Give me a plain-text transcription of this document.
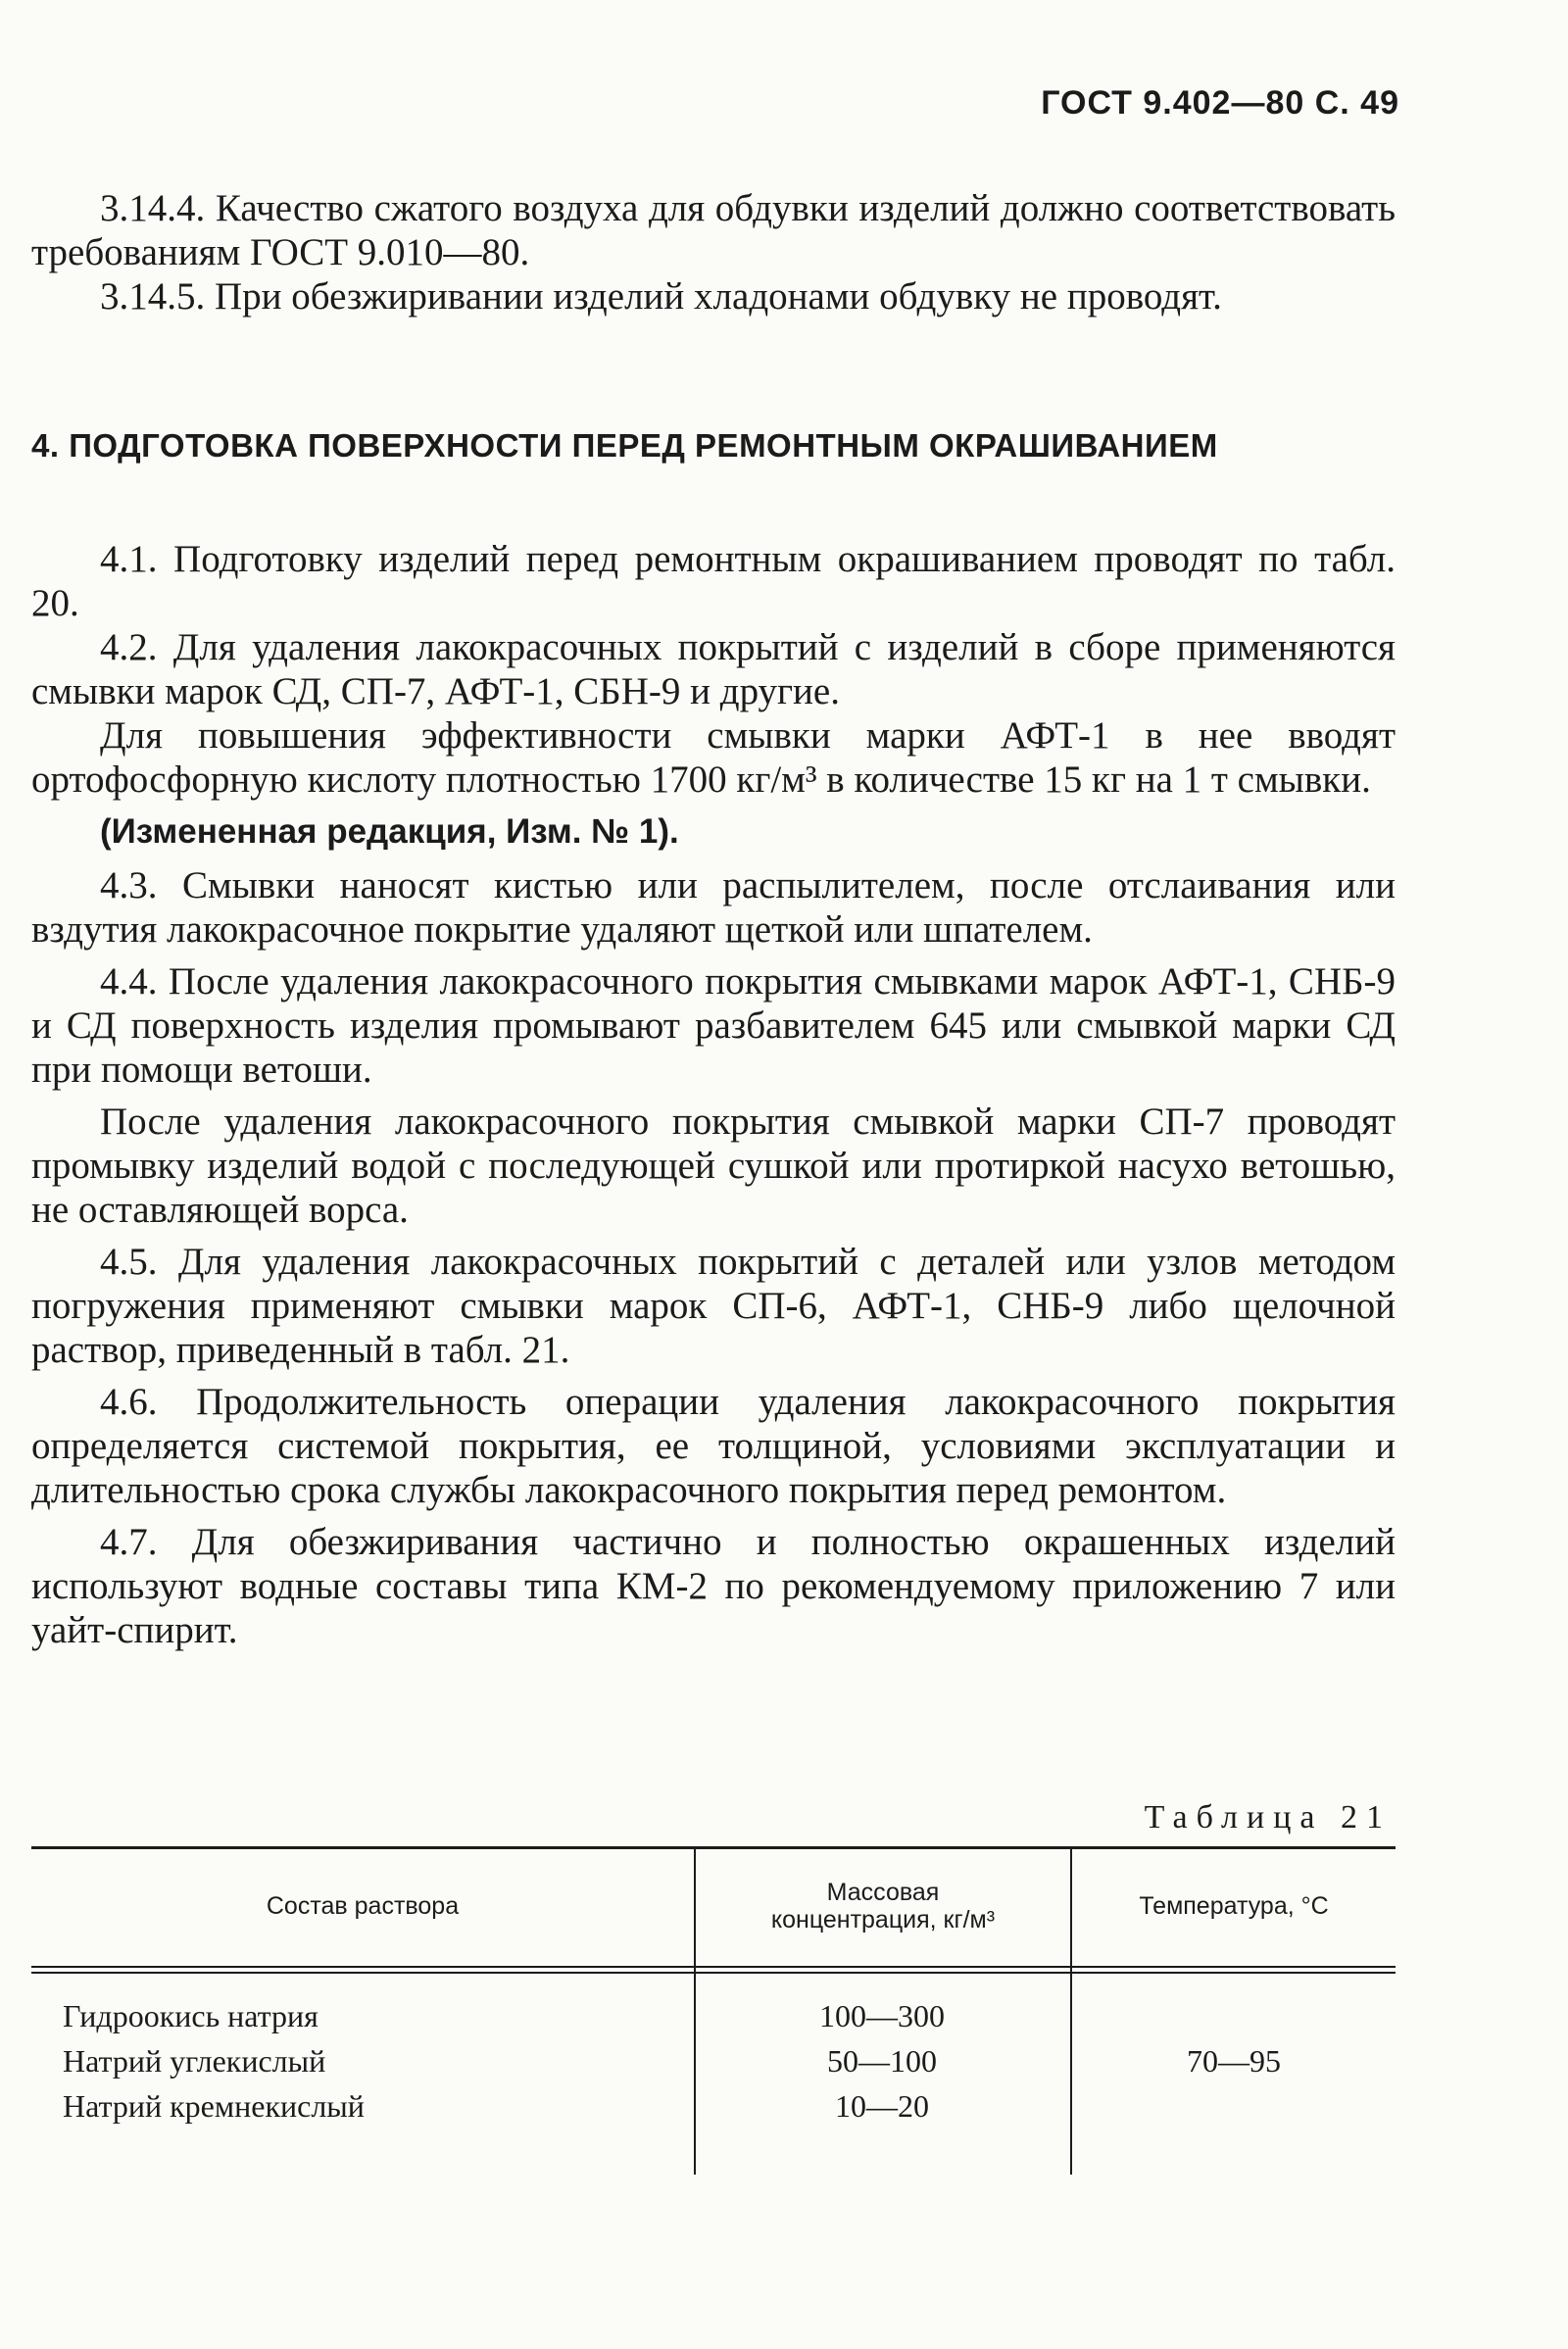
ГОСТ 9.402—80 С. 49

3.14.4. Качество сжатого воздуха для обдувки изделий должно соответствовать требованиям ГОСТ 9.010—80.

3.14.5. При обезжиривании изделий хладонами обдувку не проводят.

4. ПОДГОТОВКА ПОВЕРХНОСТИ ПЕРЕД РЕМОНТНЫМ ОКРАШИВАНИЕМ

4.1. Подготовку изделий перед ремонтным окрашиванием проводят по табл. 20.

4.2. Для удаления лакокрасочных покрытий с изделий в сборе применяются смывки марок СД, СП-7, АФТ-1, СБН-9 и другие.

Для повышения эффективности смывки марки АФТ-1 в нее вводят ортофосфорную кислоту плотностью 1700 кг/м³ в количестве 15 кг на 1 т смывки.

(Измененная редакция, Изм. № 1).

4.3. Смывки наносят кистью или распылителем, после отслаивания или вздутия лакокрасочное покрытие удаляют щеткой или шпателем.

4.4. После удаления лакокрасочного покрытия смывками марок АФТ-1, СНБ-9 и СД поверхность изделия промывают разбавителем 645 или смывкой марки СД при помощи ветоши.

После удаления лакокрасочного покрытия смывкой марки СП-7 проводят промывку изделий водой с последующей сушкой или протиркой насухо ветошью, не оставляющей ворса.

4.5. Для удаления лакокрасочных покрытий с деталей или узлов методом погружения применяют смывки марок СП-6, АФТ-1, СНБ-9 либо щелочной раствор, приведенный в табл. 21.

4.6. Продолжительность операции удаления лакокрасочного покрытия определяется системой покрытия, ее толщиной, условиями эксплуатации и длительностью срока службы лакокрасочного покрытия перед ремонтом.

4.7. Для обезжиривания частично и полностью окрашенных изделий используют водные составы типа КМ-2 по рекомендуемому приложению 7 или уайт-спирит.

Таблица 21
Состав раствора	Массовая концентрация, кг/м³	Температура, °С
Гидроокись натрия	100—300
Натрий углекислый	50—100
Натрий кремнекислый	10—20
70—95
